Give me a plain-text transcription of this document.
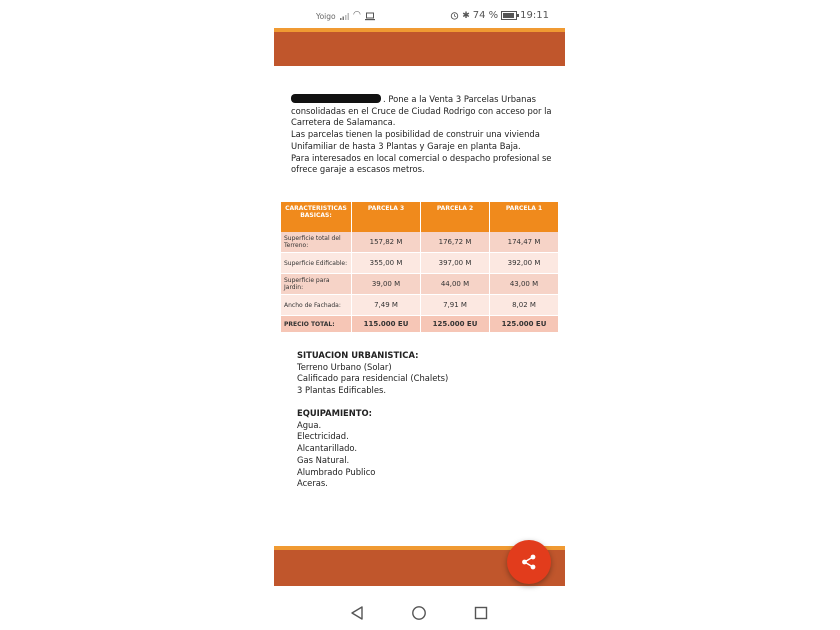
Yoigo ◠	✱ 74 % 19:11

. Pone a la Venta 3 Parcelas Urbanas

consolidadas en el Cruce de Ciudad Rodrigo con acceso por la

Carretera de Salamanca.

Las parcelas tienen la posibilidad de construir una vivienda

Unifamiliar de hasta 3 Plantas y Garaje en planta Baja.

Para interesados en local comercial o despacho profesional se

ofrece garaje a escasos metros.

CARACTERISTICAS BASICAS:	PARCELA 3	PARCELA 2	PARCELA 1
Superficie total del Terreno:	157,82 M	176,72 M	174,47 M
Superficie Edificable:	355,00 M	397,00 M	392,00 M
Superficie para Jardin:	39,00 M	44,00 M	43,00 M
Ancho de Fachada:	7,49 M	7,91 M	8,02 M
PRECIO TOTAL:	115.000 EU	125.000 EU	125.000 EU
SITUACION URBANISTICA:
Terreno Urbano (Solar)
Calificado para residencial (Chalets)
3 Plantas Edificables.
EQUIPAMIENTO:
Agua.
Electricidad.
Alcantarillado.
Gas Natural.
Alumbrado Publico
Aceras.
